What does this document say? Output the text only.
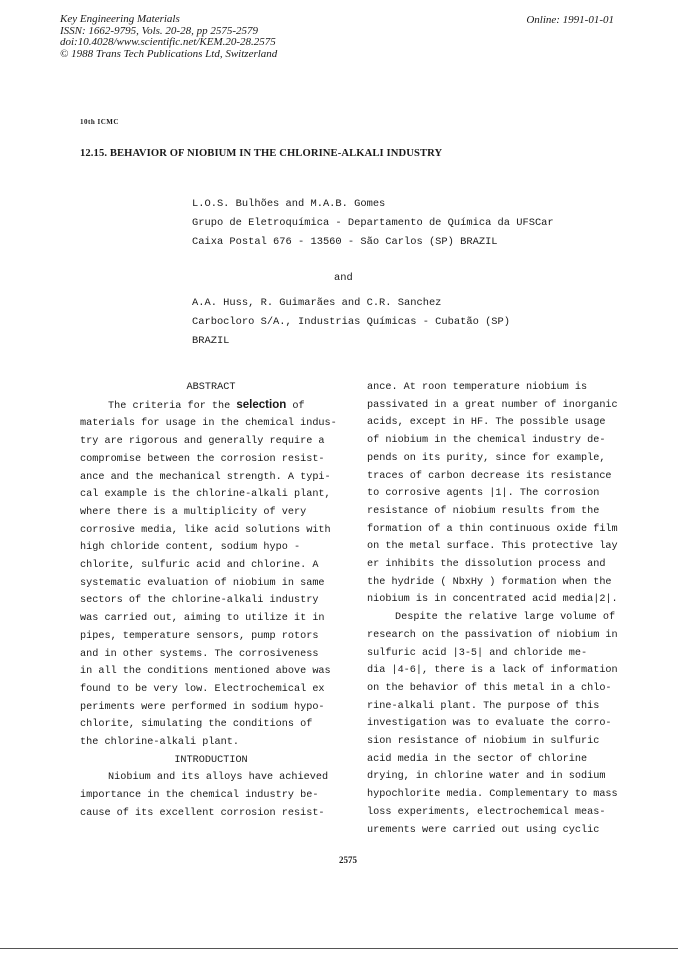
Key Engineering Materials
ISSN: 1662-9795, Vols. 20-28, pp 2575-2579
doi:10.4028/www.scientific.net/KEM.20-28.2575
© 1988 Trans Tech Publications Ltd, Switzerland
Online: 1991-01-01
10th ICMC
12.15. BEHAVIOR OF NIOBIUM IN THE CHLORINE-ALKALI INDUSTRY
L.O.S. Bulhões and M.A.B. Gomes
Grupo de Eletroquímica - Departamento de Química da UFSCar
Caixa Postal 676 - 13560 - São Carlos (SP) BRAZIL
and
A.A. Huss, R. Guimarães and C.R. Sanchez
Carbocloro S/A., Industrias Químicas - Cubatão (SP)
BRAZIL
ABSTRACT
The criteria for the selection of
materials for usage in the chemical indus-
try are rigorous and generally require a
compromise between the corrosion resist-
ance and the mechanical strength. A typi-
cal example is the chlorine-alkali plant,
where there is a multiplicity of very
corrosive media, like acid solutions with
high chloride content, sodium hypo -
chlorite, sulfuric acid and chlorine. A
systematic evaluation of niobium in same
sectors of the chlorine-alkali industry
was carried out, aiming to utilize it in
pipes, temperature sensors, pump rotors
and in other systems. The corrosiveness
in all the conditions mentioned above was
found to be very low. Electrochemical ex
periments were performed in sodium hypo-
chlorite, simulating the conditions of
the chlorine-alkali plant.
INTRODUCTION
Niobium and its alloys have achieved
importance in the chemical industry be-
cause of its excellent corrosion resist-
ance. At roon temperature niobium is
passivated in a great number of inorganic
acids, except in HF. The possible usage
of niobium in the chemical industry de-
pends on its purity, since for example,
traces of carbon decrease its resistance
to corrosive agents |1|. The corrosion
resistance of niobium results from the
formation of a thin continuous oxide film
on the metal surface. This protective lay
er inhibits the dissolution process and
the hydride ( NbxHy ) formation when the
niobium is in concentrated acid media|2|.
Despite the relative large volume of
research on the passivation of niobium in
sulfuric acid |3-5| and chloride me-
dia |4-6|, there is a lack of information
on the behavior of this metal in a chlo-
rine-alkali plant. The purpose of this
investigation was to evaluate the corro-
sion resistance of niobium in sulfuric
acid media in the sector of chlorine
drying, in chlorine water and in sodium
hypochlorite media. Complementary to mass
loss experiments, electrochemical meas-
urements were carried out using cyclic
2575
